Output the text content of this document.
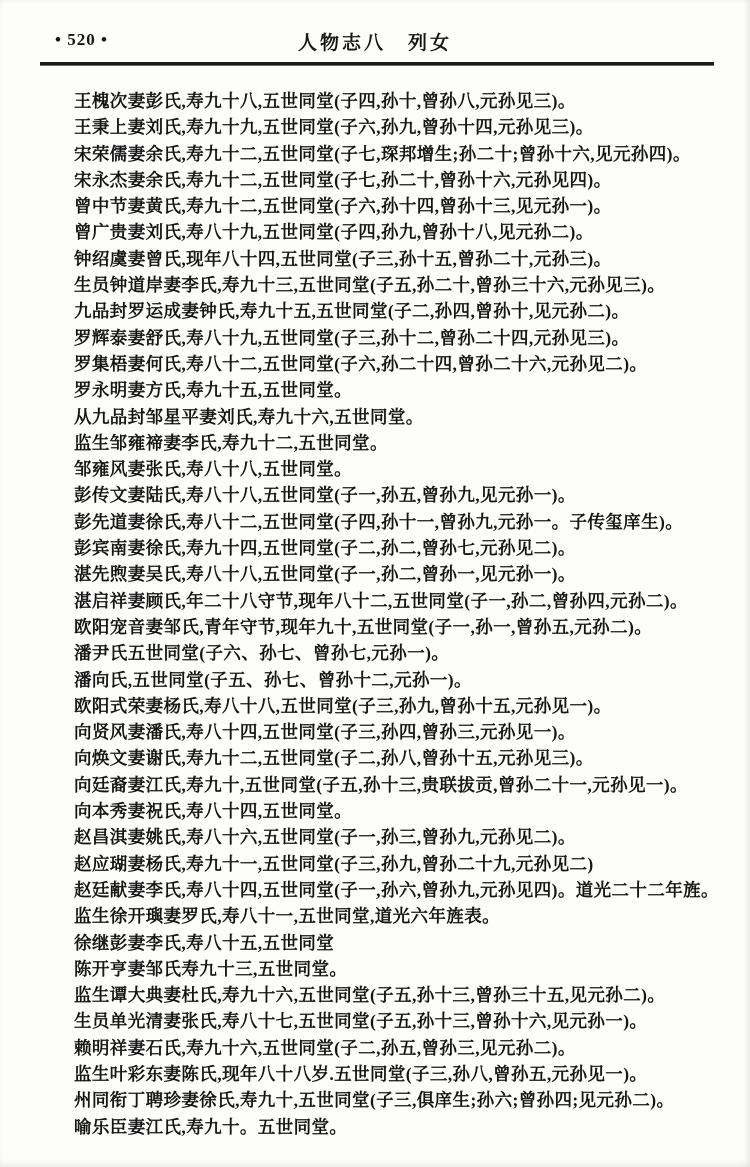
• 520 •	人物志八　列女
王槐次妻彭氏,寿九十八,五世同堂(子四,孙十,曾孙八,元孙见三)。
王秉上妻刘氏,寿九十九,五世同堂(子六,孙九,曾孙十四,元孙见三)。
宋荣儒妻余氏,寿九十二,五世同堂(子七,琛邦增生;孙二十;曾孙十六,见元孙四)。
宋永杰妻余氏,寿九十二,五世同堂(子七,孙二十,曾孙十六,元孙见四)。
曾中节妻黄氏,寿九十二,五世同堂(子六,孙十四,曾孙十三,见元孙一)。
曾广贵妻刘氏,寿八十九,五世同堂(子四,孙九,曾孙十八,见元孙二)。
钟绍虞妻曾氏,现年八十四,五世同堂(子三,孙十五,曾孙二十,元孙三)。
生员钟道岸妻李氏,寿九十三,五世同堂(子五,孙二十,曾孙三十六,元孙见三)。
九品封罗运成妻钟氏,寿九十五,五世同堂(子二,孙四,曾孙十,见元孙二)。
罗辉泰妻舒氏,寿八十九,五世同堂(子三,孙十二,曾孙二十四,元孙见三)。
罗集梧妻何氏,寿八十二,五世同堂(子六,孙二十四,曾孙二十六,元孙见二)。
罗永明妻方氏,寿九十五,五世同堂。
从九品封邹星平妻刘氏,寿九十六,五世同堂。
监生邹雍禘妻李氏,寿九十二,五世同堂。
邹雍风妻张氏,寿八十八,五世同堂。
彭传文妻陆氏,寿八十八,五世同堂(子一,孙五,曾孙九,见元孙一)。
彭先道妻徐氏,寿八十二,五世同堂(子四,孙十一,曾孙九,元孙一。子传玺庠生)。
彭宾南妻徐氏,寿九十四,五世同堂(子二,孙二,曾孙七,元孙见二)。
湛先煦妻吴氏,寿八十八,五世同堂(子一,孙二,曾孙一,见元孙一)。
湛启祥妻顾氏,年二十八守节,现年八十二,五世同堂(子一,孙二,曾孙四,元孙二)。
欧阳宠音妻邹氏,青年守节,现年九十,五世同堂(子一,孙一,曾孙五,元孙二)。
潘尹氏五世同堂(子六、孙七、曾孙七,元孙一)。
潘向氏,五世同堂(子五、孙七、曾孙十二,元孙一)。
欧阳式荣妻杨氏,寿八十八,五世同堂(子三,孙九,曾孙十五,元孙见一)。
向贤风妻潘氏,寿八十四,五世同堂(子三,孙四,曾孙三,元孙见一)。
向焕文妻谢氏,寿九十二,五世同堂(子二,孙八,曾孙十五,元孙见三)。
向廷裔妻江氏,寿九十,五世同堂(子五,孙十三,贵联拔贡,曾孙二十一,元孙见一)。
向本秀妻祝氏,寿八十四,五世同堂。
赵昌淇妻姚氏,寿八十六,五世同堂(子一,孙三,曾孙九,元孙见二)。
赵应瑚妻杨氏,寿九十一,五世同堂(子三,孙九,曾孙二十九,元孙见二)
赵廷献妻李氏,寿八十四,五世同堂(子一,孙六,曾孙九,元孙见四)。道光二十二年旌。
监生徐开璵妻罗氏,寿八十一,五世同堂,道光六年旌表。
徐继彭妻李氏,寿八十五,五世同堂
陈开亨妻邹氏寿九十三,五世同堂。
监生谭大典妻杜氏,寿九十六,五世同堂(子五,孙十三,曾孙三十五,见元孙二)。
生员单光清妻张氏,寿八十七,五世同堂(子五,孙十三,曾孙十六,见元孙一)。
赖明祥妻石氏,寿九十六,五世同堂(子二,孙五,曾孙三,见元孙二)。
监生叶彩东妻陈氏,现年八十八岁.五世同堂(子三,孙八,曾孙五,元孙见一)。
州同衔丁聘珍妻徐氏,寿九十,五世同堂(子三,俱庠生;孙六;曾孙四;见元孙二)。
喻乐臣妻江氏,寿九十。五世同堂。
